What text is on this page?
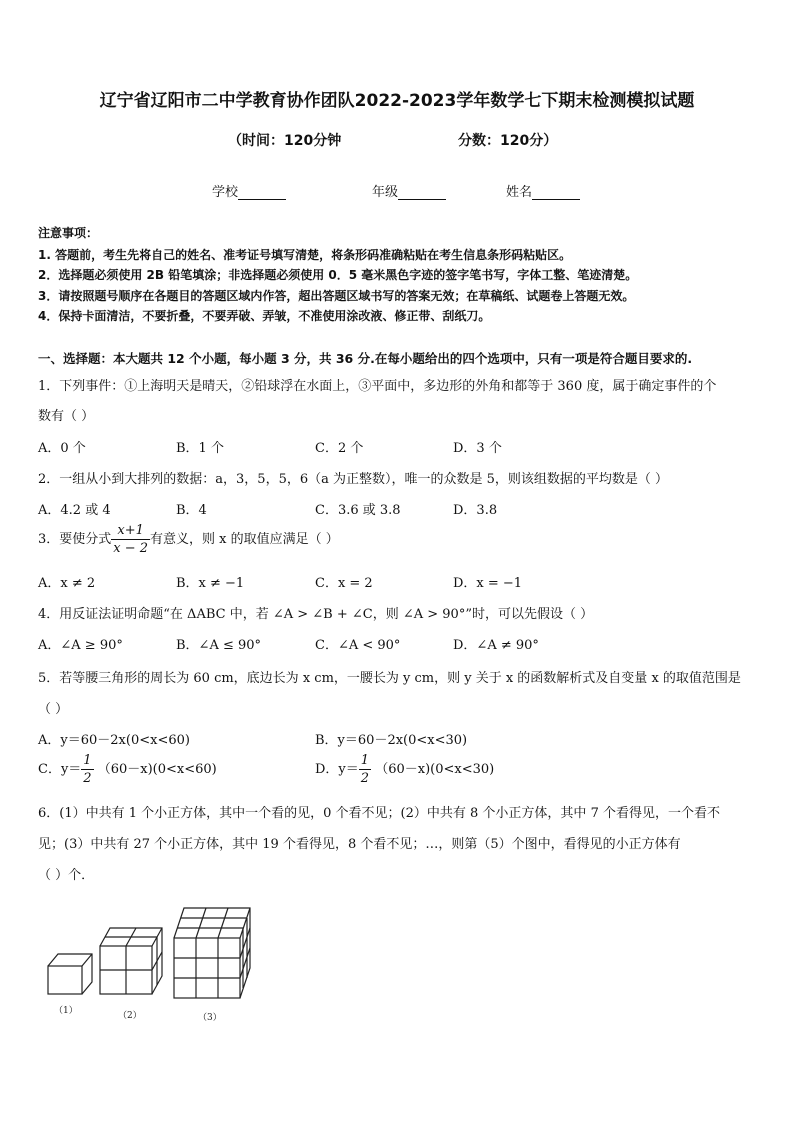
辽宁省辽阳市二中学教育协作团队2022-2023学年数学七下期末检测模拟试题
（时间：120分钟	分数：120分）
学校	年级	姓名
注意事项：
1. 答题前，考生先将自己的姓名、准考证号填写清楚，将条形码准确粘贴在考生信息条形码粘贴区。
2．选择题必须使用 2B 铅笔填涂；非选择题必须使用 0．5 毫米黑色字迹的签字笔书写，字体工整、笔迹清楚。
3．请按照题号顺序在各题目的答题区域内作答，超出答题区域书写的答案无效；在草稿纸、试题卷上答题无效。
4．保持卡面清洁，不要折叠，不要弄破、弄皱，不准使用涂改液、修正带、刮纸刀。
一、选择题：本大题共 12 个小题，每小题 3 分，共 36 分.在每小题给出的四个选项中，只有一项是符合题目要求的.
1．下列事件：①上海明天是晴天，②铅球浮在水面上，③平面中，多边形的外角和都等于 360 度，属于确定事件的个
数有（ ）
A．0 个	B．1 个	C．2 个	D．3 个
2．一组从小到大排列的数据：a，3，5，5，6（a 为正整数），唯一的众数是 5，则该组数据的平均数是（ ）
A．4.2 或 4	B．4	C．3.6 或 3.8	D．3.8
3．要使分式 $\frac{x+1}{x - 2}$ 有意义，则 x 的取值应满足（ ）
A．x ≠ 2	B．x ≠ −1	C．x = 2	D．x = −1
4．用反证法证明命题“在 ΔABC 中，若 ∠A > ∠B + ∠C，则 ∠A > 90°”时，可以先假设（ ）
A．∠A ≥ 90°	B．∠A ≤ 90°	C．∠A < 90°	D．∠A ≠ 90°
5．若等腰三角形的周长为 60 cm，底边长为 x cm，一腰长为 y cm，则 y 关于 x 的函数解析式及自变量 x 的取值范围是
（ ）
A．y＝60－2x(0<x<60)	B．y＝60－2x(0<x<30)
C．$y= \frac{1}{2} (60-x)(0<x<60)$	D．$y= \frac{1}{2} (60-x)(0<x<30)$
6．(1）中共有 1 个小正方体，其中一个看的见，0 个看不见；(2）中共有 8 个小正方体，其中 7 个看得见，一个看不
见；(3）中共有 27 个小正方体，其中 19 个看得见，8 个看不见；…，则第（5）个图中，看得见的小正方体有
（ ）个．
（1）	（2）	（3）
